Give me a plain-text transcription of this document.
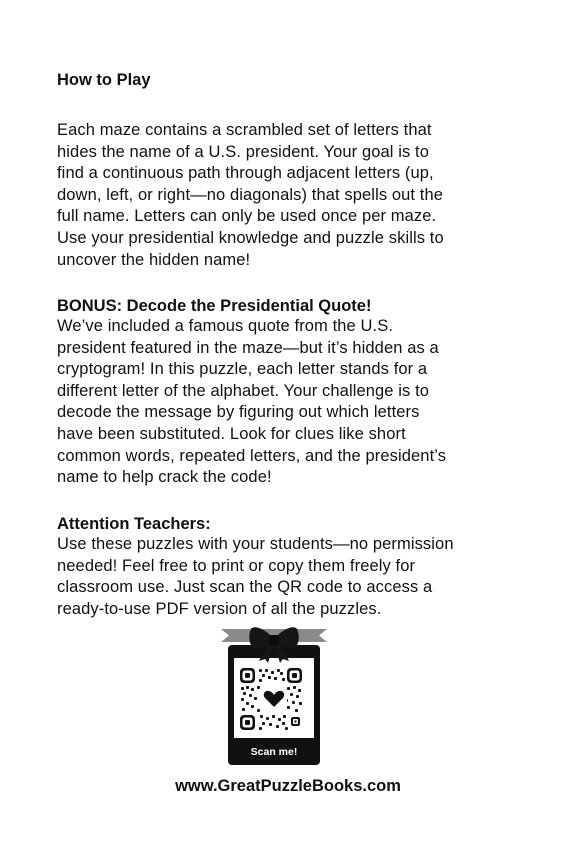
How to Play
Each maze contains a scrambled set of letters that
hides the name of a U.S. president. Your goal is to
find a continuous path through adjacent letters (up,
down, left, or right—no diagonals) that spells out the
full name. Letters can only be used once per maze.
Use your presidential knowledge and puzzle skills to
uncover the hidden name!
BONUS: Decode the Presidential Quote!
We’ve included a famous quote from the U.S.
president featured in the maze—but it’s hidden as a
cryptogram! In this puzzle, each letter stands for a
different letter of the alphabet. Your challenge is to
decode the message by figuring out which letters
have been substituted. Look for clues like short
common words, repeated letters, and the president’s
name to help crack the code!
Attention Teachers:
Use these puzzles with your students—no permission
needed! Feel free to print or copy them freely for
classroom use. Just scan the QR code to access a
ready-to-use PDF version of all the puzzles.
Scan me!
www.GreatPuzzleBooks.com
